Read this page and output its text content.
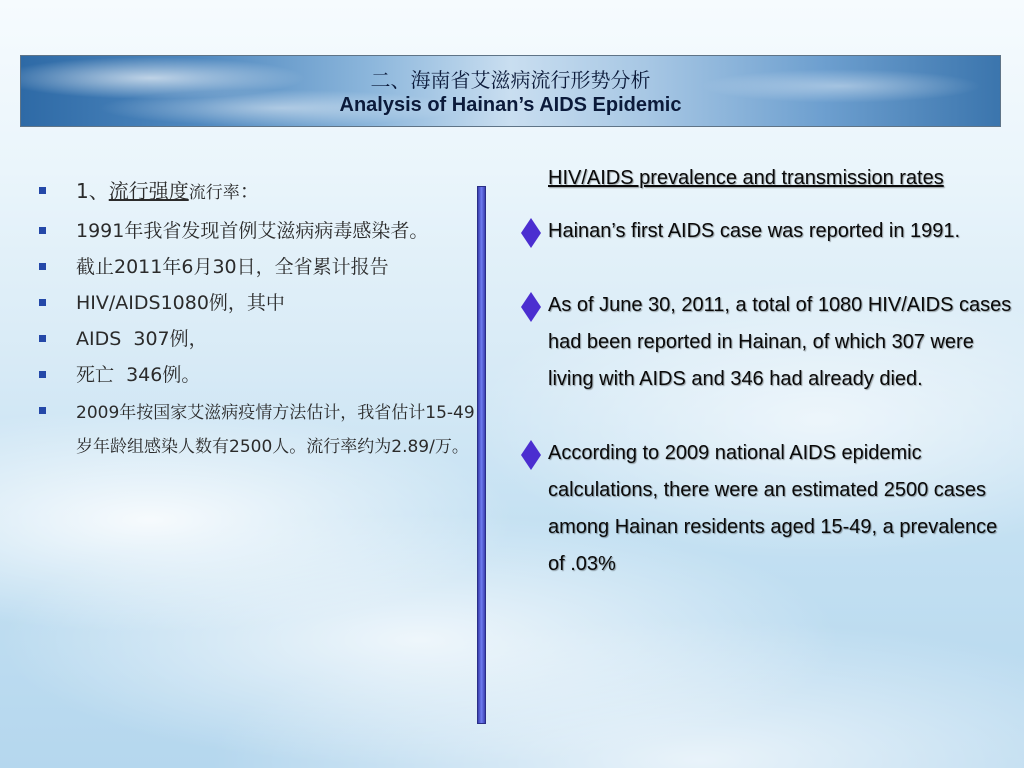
二、海南省艾滋病流行形势分析
Analysis of Hainan’s AIDS Epidemic
1、流行强度流行率：
1991年我省发现首例艾滋病病毒感染者。
截止2011年6月30日，全省累计报告
HIV/AIDS1080例，其中
AIDS  307例，
死亡  346例。
2009年按国家艾滋病疫情方法估计，我省估计15-49岁年龄组感染人数有2500人。流行率约为2.89/万。
HIV/AIDS prevalence and transmission rates
Hainan’s first AIDS case was reported in 1991.
As of June 30, 2011, a total of 1080 HIV/AIDS cases had been reported in Hainan, of which 307 were living with AIDS and 346 had already died.
According to 2009 national AIDS epidemic calculations, there were an estimated 2500 cases among Hainan residents aged 15-49, a prevalence of .03%
